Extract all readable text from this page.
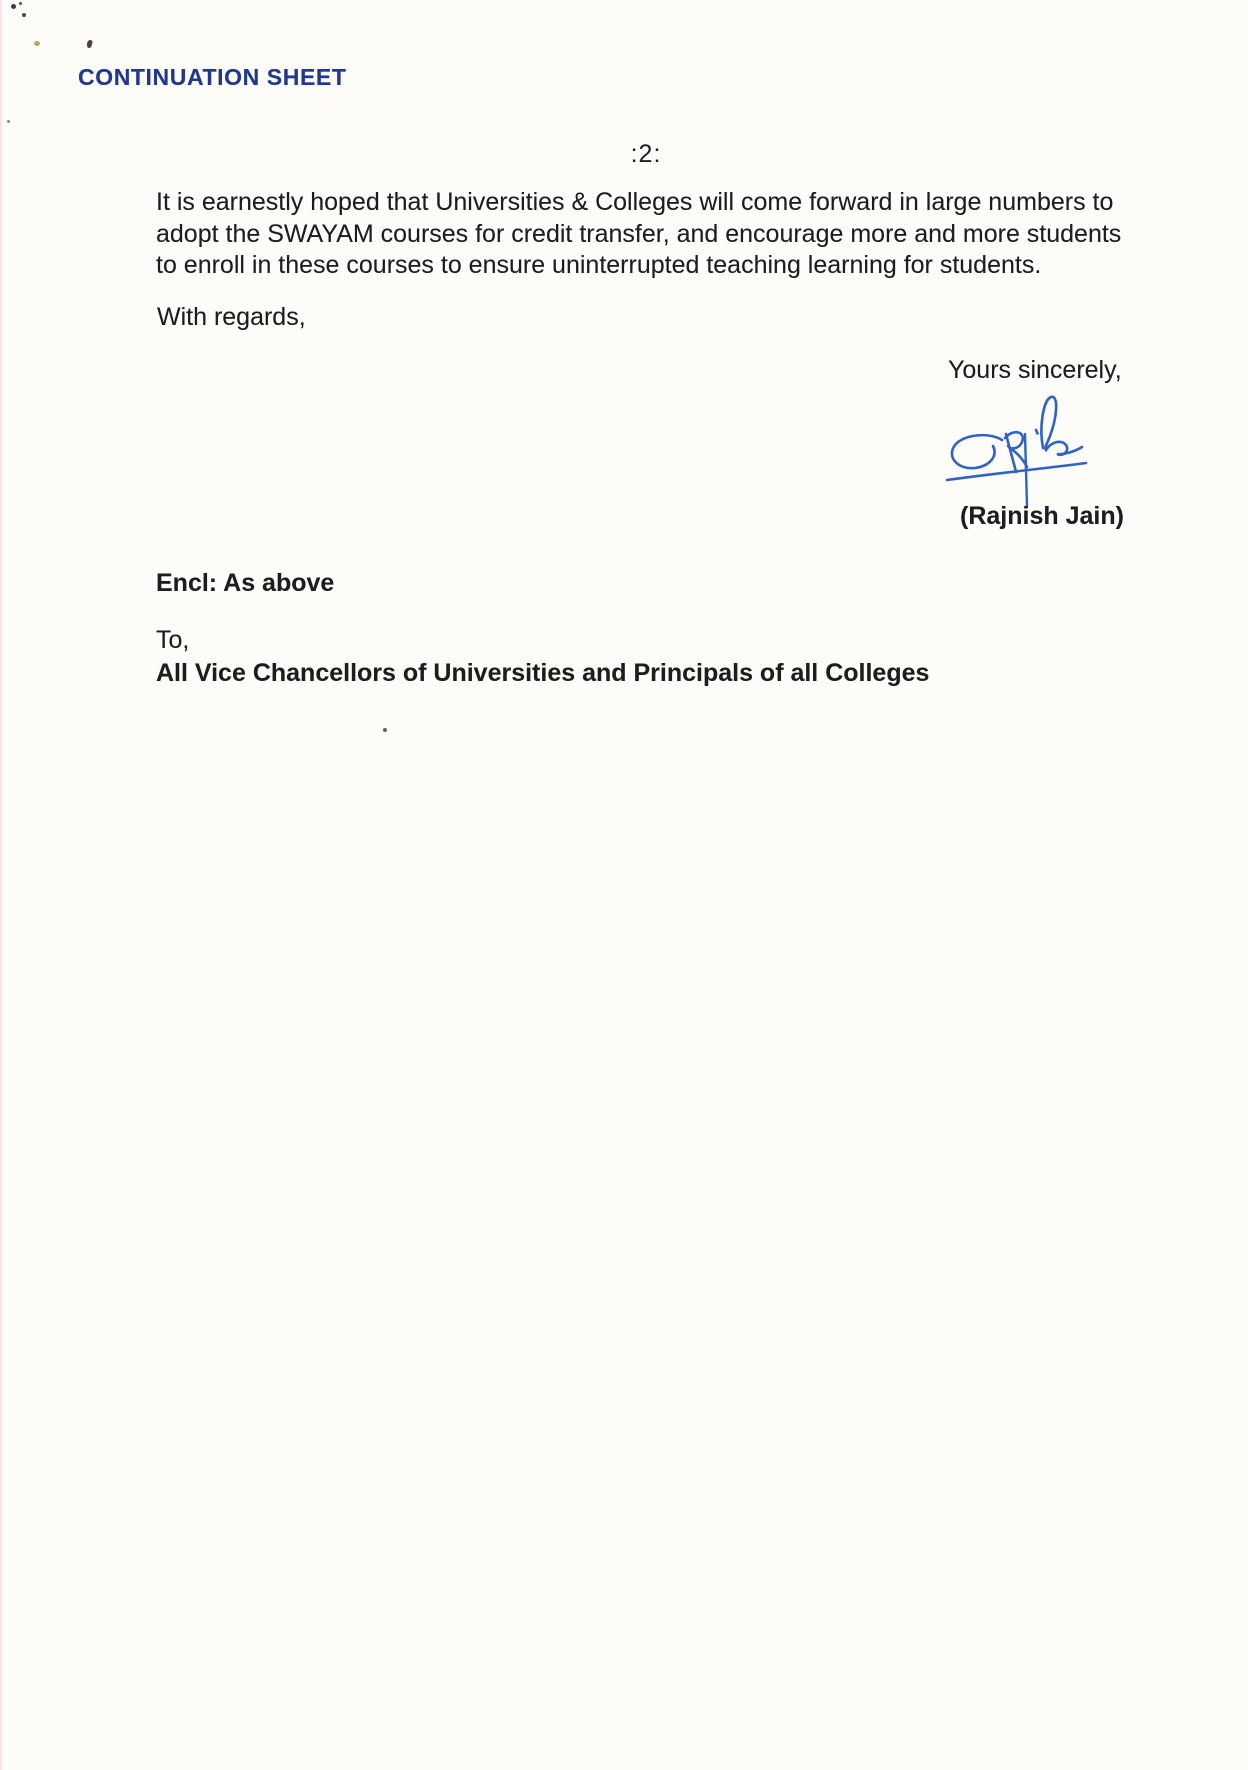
CONTINUATION SHEET
:2:
It is earnestly hoped that Universities & Colleges will come forward in large numbers to
adopt the SWAYAM courses for credit transfer, and encourage more and more students
to enroll in these courses to ensure uninterrupted teaching learning for students.
With regards,
Yours sincerely,
(Rajnish Jain)
Encl: As above
To,
All Vice Chancellors of Universities and Principals of all Colleges
